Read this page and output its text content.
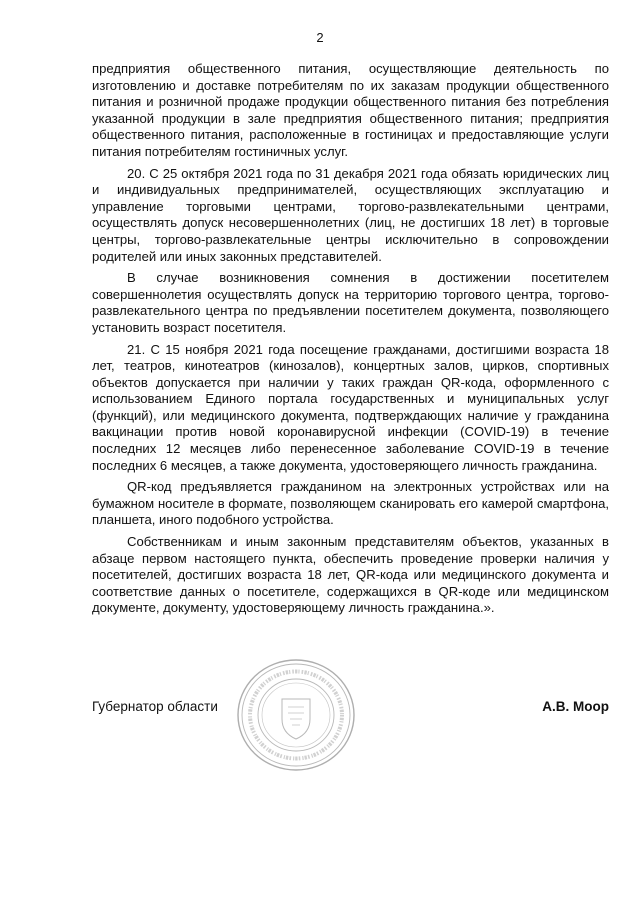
2

предприятия общественного питания, осуществляющие деятельность по изготовлению и доставке потребителям по их заказам продукции общественного питания и розничной продаже продукции общественного питания без потребления указанной продукции в зале предприятия общественного питания; предприятия общественного питания, расположенные в гостиницах и предоставляющие услуги питания потребителям гостиничных услуг.

20. С 25 октября 2021 года по 31 декабря 2021 года обязать юридических лиц и индивидуальных предпринимателей, осуществляющих эксплуатацию и управление торговыми центрами, торгово-развлекательными центрами, осуществлять допуск несовершеннолетних (лиц, не достигших 18 лет) в торговые центры, торгово-развлекательные центры исключительно в сопровождении родителей или иных законных представителей.

В случае возникновения сомнения в достижении посетителем совершеннолетия осуществлять допуск на территорию торгового центра, торгово-развлекательного центра по предъявлении посетителем документа, позволяющего установить возраст посетителя.

21. С 15 ноября 2021 года посещение гражданами, достигшими возраста 18 лет, театров, кинотеатров (кинозалов), концертных залов, цирков, спортивных объектов допускается при наличии у таких граждан QR-кода, оформленного с использованием Единого портала государственных и муниципальных услуг (функций), или медицинского документа, подтверждающих наличие у гражданина вакцинации против новой коронавирусной инфекции (COVID-19) в течение последних 12 месяцев либо перенесенное заболевание COVID-19 в течение последних 6 месяцев, а также документа, удостоверяющего личность гражданина.

QR-код предъявляется гражданином на электронных устройствах или на бумажном носителе в формате, позволяющем сканировать его камерой смартфона, планшета, иного подобного устройства.

Собственникам и иным законным представителям объектов, указанных в абзаце первом настоящего пункта, обеспечить проведение проверки наличия у посетителей, достигших возраста 18 лет, QR-кода или медицинского документа и соответствие данных о посетителе, содержащихся в QR-коде или медицинском документе, документу, удостоверяющему личность гражданина.».

Губернатор области	А.В. Моор
